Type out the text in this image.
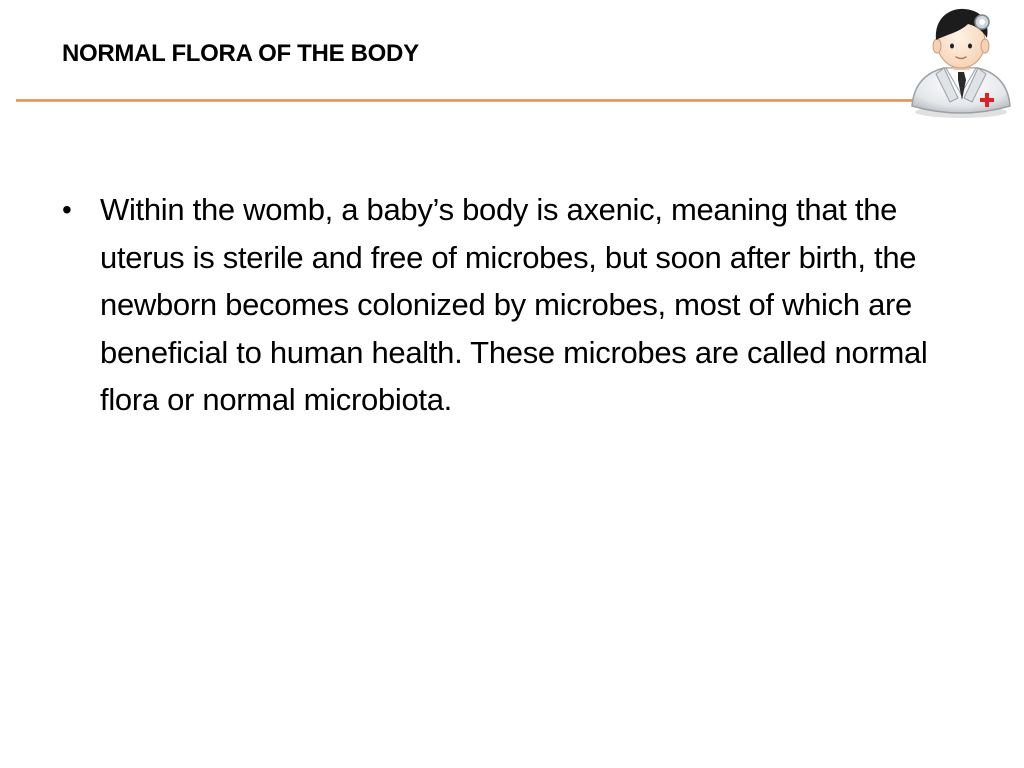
NORMAL FLORA OF THE BODY
• Within the womb, a baby’s body is axenic, meaning that the uterus is sterile and free of microbes, but soon after birth, the newborn becomes colonized by microbes, most of which are beneficial to human health. These microbes are called normal flora or normal microbiota.
